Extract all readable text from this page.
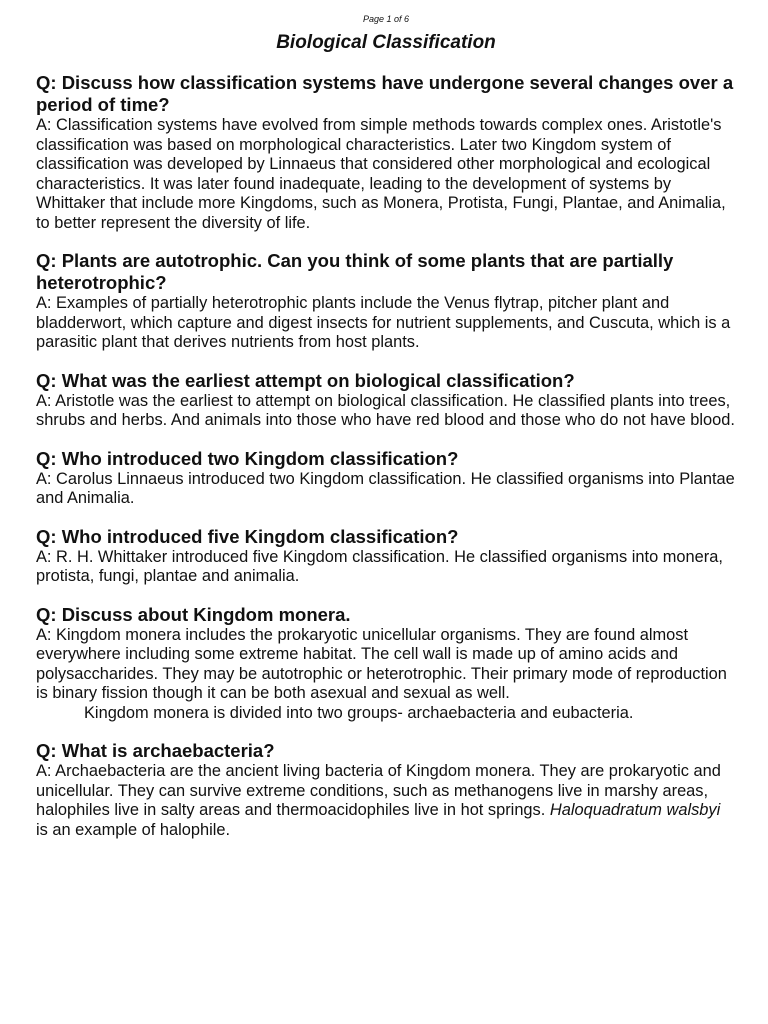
Page 1 of 6

Biological Classification

Q: Discuss how classification systems have undergone several changes over a period of time?

A: Classification systems have evolved from simple methods towards complex ones. Aristotle's classification was based on morphological characteristics. Later two Kingdom system of classification was developed by Linnaeus that considered other morphological and ecological characteristics. It was later found inadequate, leading to the development of systems by Whittaker that include more Kingdoms, such as Monera, Protista, Fungi, Plantae, and Animalia, to better represent the diversity of life.

Q: Plants are autotrophic. Can you think of some plants that are partially heterotrophic?

A: Examples of partially heterotrophic plants include the Venus flytrap, pitcher plant and bladderwort, which capture and digest insects for nutrient supplements, and Cuscuta, which is a parasitic plant that derives nutrients from host plants.

Q: What was the earliest attempt on biological classification?

A: Aristotle was the earliest to attempt on biological classification. He classified plants into trees, shrubs and herbs. And animals into those who have red blood and those who do not have blood.

Q: Who introduced two Kingdom classification?

A: Carolus Linnaeus introduced two Kingdom classification. He classified organisms into Plantae and Animalia.

Q: Who introduced five Kingdom classification?

A: R. H. Whittaker introduced five Kingdom classification. He classified organisms into monera, protista, fungi, plantae and animalia.

Q: Discuss about Kingdom monera.

A: Kingdom monera includes the prokaryotic unicellular organisms. They are found almost everywhere including some extreme habitat. The cell wall is made up of amino acids and polysaccharides. They may be autotrophic or heterotrophic. Their primary mode of reproduction is binary fission though it can be both asexual and sexual as well.

Kingdom monera is divided into two groups- archaebacteria and eubacteria.

Q: What is archaebacteria?

A: Archaebacteria are the ancient living bacteria of Kingdom monera. They are prokaryotic and unicellular. They can survive extreme conditions, such as methanogens live in marshy areas, halophiles live in salty areas and thermoacidophiles live in hot springs. Haloquadratum walsbyi is an example of halophile.
